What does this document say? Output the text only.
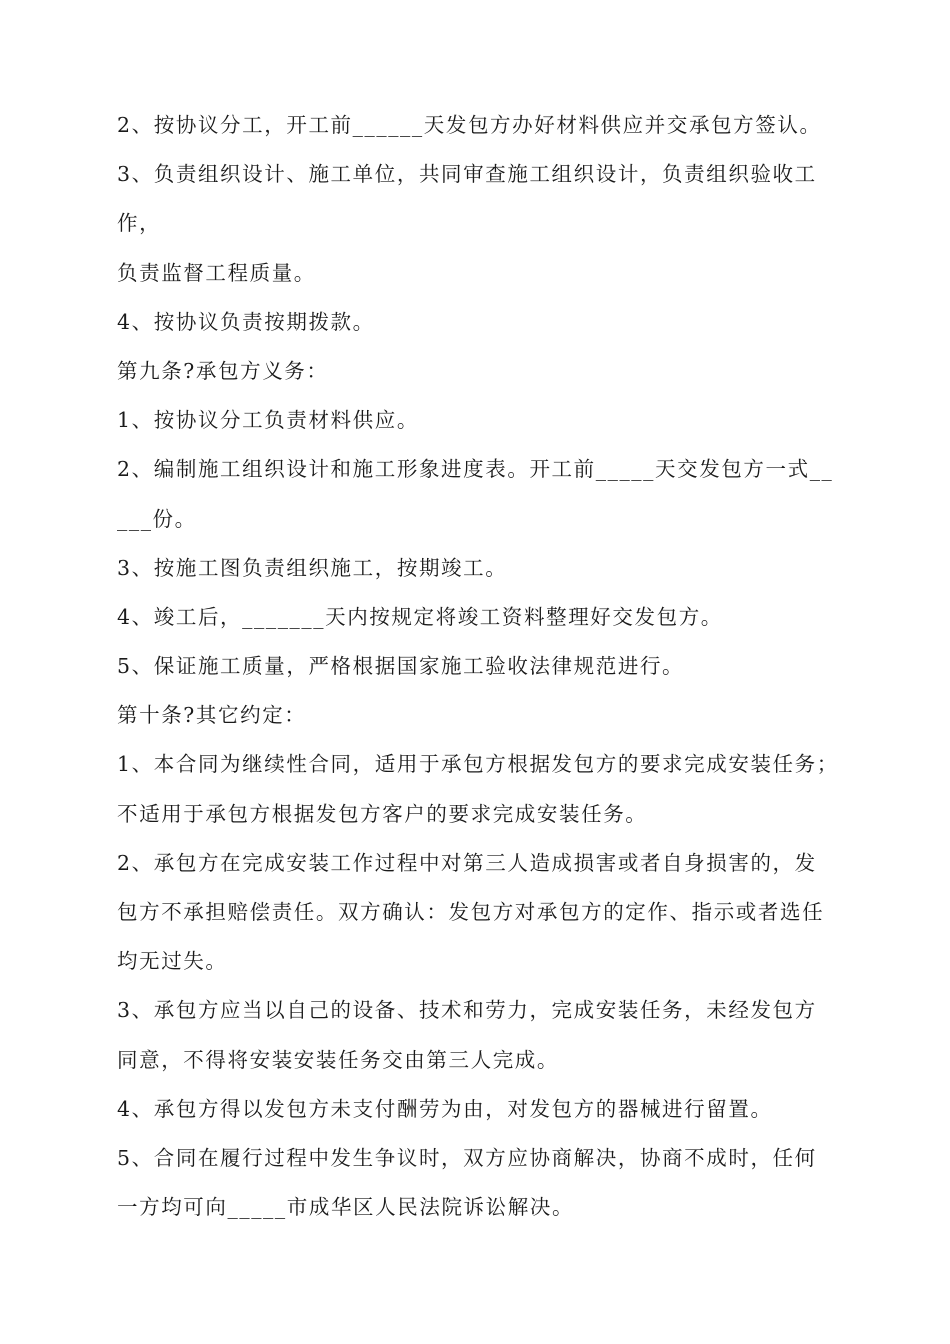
2、按协议分工，开工前______天发包方办好材料供应并交承包方签认。
3、负责组织设计、施工单位，共同审查施工组织设计，负责组织验收工
作，
负责监督工程质量。
4、按协议负责按期拨款。
第九条?承包方义务：
1、按协议分工负责材料供应。
2、编制施工组织设计和施工形象进度表。开工前_____天交发包方一式__
___份。
3、按施工图负责组织施工，按期竣工。
4、竣工后，_______天内按规定将竣工资料整理好交发包方。
5、保证施工质量，严格根据国家施工验收法律规范进行。
第十条?其它约定：
1、本合同为继续性合同，适用于承包方根据发包方的要求完成安装任务；
不适用于承包方根据发包方客户的要求完成安装任务。
2、承包方在完成安装工作过程中对第三人造成损害或者自身损害的，发
包方不承担赔偿责任。双方确认：发包方对承包方的定作、指示或者选任
均无过失。
3、承包方应当以自己的设备、技术和劳力，完成安装任务，未经发包方
同意，不得将安装安装任务交由第三人完成。
4、承包方得以发包方未支付酬劳为由，对发包方的器械进行留置。
5、合同在履行过程中发生争议时，双方应协商解决，协商不成时，任何
一方均可向_____市成华区人民法院诉讼解决。
